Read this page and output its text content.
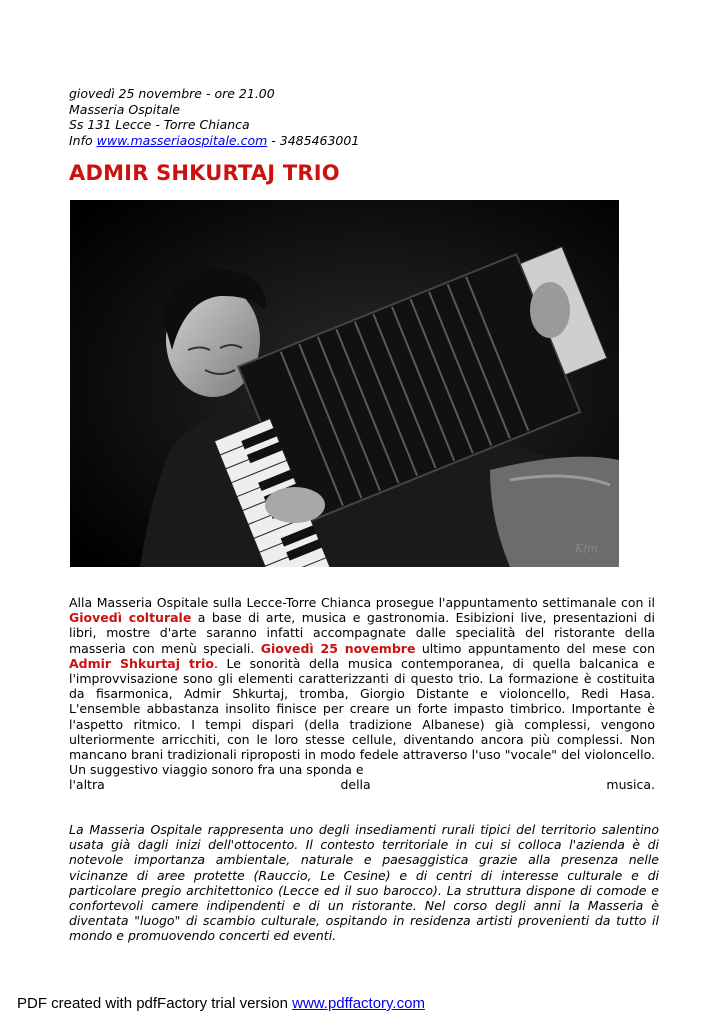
giovedì 25 novembre - ore 21.00
Masseria Ospitale
Ss 131 Lecce - Torre Chianca
Info www.masseriaospitale.com - 3485463001
ADMIR SHKURTAJ TRIO
Kfm
Alla Masseria Ospitale sulla Lecce-Torre Chianca prosegue l'appuntamento settimanale con il Giovedì colturale a base di arte, musica e gastronomia. Esibizioni live, presentazioni di libri, mostre d'arte saranno infatti accompagnate dalle specialità del ristorante della masseria con menù speciali. Giovedì 25 novembre ultimo appuntamento del mese con Admir Shkurtaj trio. Le sonorità della musica contemporanea, di quella balcanica e l'improvvisazione sono gli elementi caratterizzanti di questo trio. La formazione è costituita da fisarmonica, Admir Shkurtaj, tromba, Giorgio Distante e violoncello, Redi Hasa. L'ensemble abbastanza insolito finisce per creare un forte impasto timbrico. Importante è l'aspetto ritmico. I tempi dispari (della tradizione Albanese) già complessi, vengono ulteriormente arricchiti, con le loro stesse cellule, diventando ancora più complessi. Non mancano brani tradizionali riproposti in modo fedele attraverso l'uso "vocale" del violoncello. Un suggestivo viaggio sonoro fra una sponda e
l'altra	della	musica.
La Masseria Ospitale rappresenta uno degli insediamenti rurali tipici del territorio salentino usata già dagli inizi dell'ottocento. Il contesto territoriale in cui si colloca l'azienda è di notevole importanza ambientale, naturale e paesaggistica grazie alla presenza nelle vicinanze di aree protette (Rauccio, Le Cesine) e di centri di interesse culturale e di particolare pregio architettonico (Lecce ed il suo barocco). La struttura dispone di comode e confortevoli camere indipendenti e di un ristorante. Nel corso degli anni la Masseria è diventata "luogo" di scambio culturale, ospitando in residenza artisti provenienti da tutto il mondo e promuovendo concerti ed eventi.
PDF created with pdfFactory trial version www.pdffactory.com
